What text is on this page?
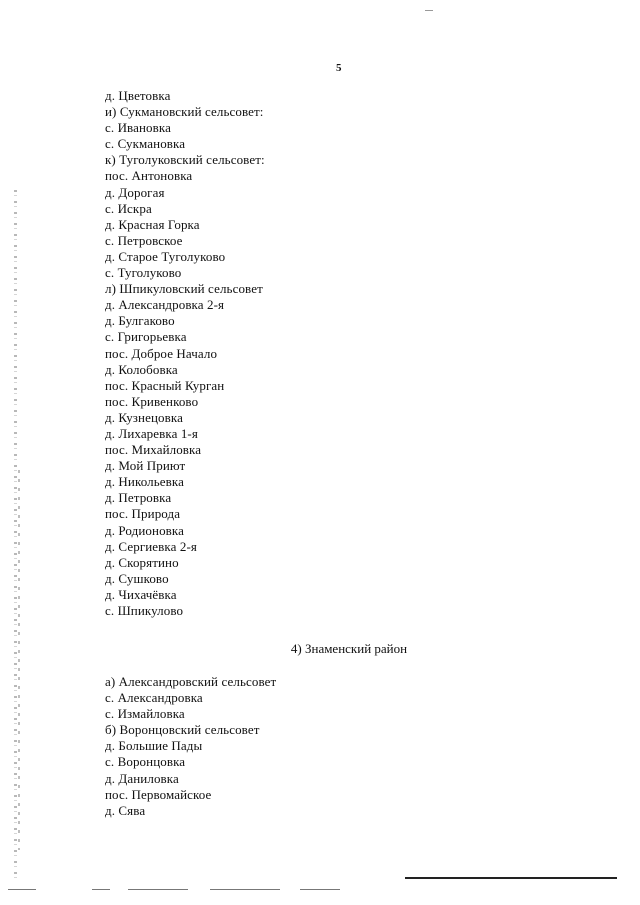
5
д. Цветовка
и) Сукмановский сельсовет:
с. Ивановка
с. Сукмановка
к) Туголуковский сельсовет:
пос. Антоновка
д. Дорогая
с. Искра
д. Красная Горка
с. Петровское
д. Старое Туголуково
с. Туголуково
л) Шпикуловский сельсовет
д. Александровка 2-я
д. Булгаково
с. Григорьевка
пос. Доброе Начало
д. Колобовка
пос. Красный Курган
пос. Кривенково
д. Кузнецовка
д. Лихаревка 1-я
пос. Михайловка
д. Мой Приют
д. Никольевка
д. Петровка
пос. Природа
д. Родионовка
д. Сергиевка 2-я
д. Скорятино
д. Сушково
д. Чихачёвка
с. Шпикулово
4) Знаменский район
а) Александровский сельсовет
с. Александровка
с. Измайловка
б) Воронцовский сельсовет
д. Большие Пады
с. Воронцовка
д. Даниловка
пос. Первомайское
д. Сява
